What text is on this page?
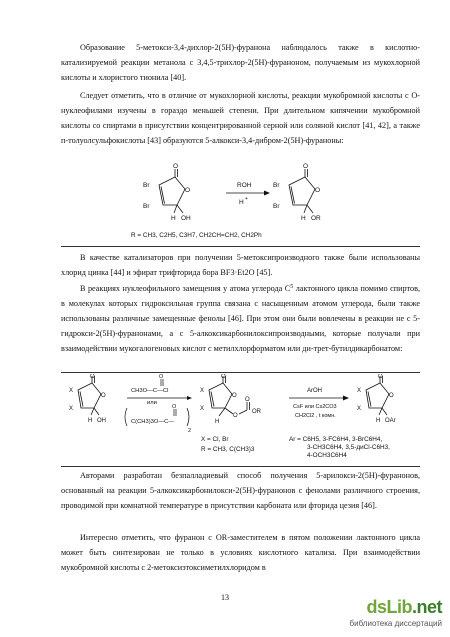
Образование 5-метокси-3,4-дихлор-2(5Н)-фуранона наблюдалось также в кислотно-катализируемой реакции метанола с 3,4,5-трихлор-2(5Н)-фураноном, получаемым из мукохлорной кислоты и хлористого тионила [40].

Следует отметить, что в отличие от мукохлорной кислоты, реакции мукобромной кислоты с О-нуклеофилами изучены в гораздо меньшей степени. При длительном кипячении мукобромной кислоты со спиртами в присутствии концентрированной серной или соляной кислот [41, 42], а также п-толуолсульфокислоты [43] образуются 5-алкокси-3,4-дибром-2(5Н)-фураноны:

Br
Br
O
O
H OH
ROH
H +
Br
Br
O
O
H OR
R = CH3, C2H5, C3H7, CH2CH=CH2, CH2Ph

В качестве катализаторов при получении 5-метоксипроизводного также были использованы хлорид цинка [44] и эфират трифторида бора BF3·Et2O [45].

В реакциях нуклеофильного замещения у атома углерода $C^5$ лактонного цикла помимо спиртов, в молекулах которых гидроксильная группа связана с насыщенным атомом углерода, были также использованы различные замещенные фенолы [46]. При этом они были вовлечены в реакции не с 5-гидрокси-2(5Н)-фуранонами, а с 5-алкоксикарбонилоксипроизводными, которые получали при взаимодействии мукогалогеновых кислот с метилхлорформатом или ди-трет-бутилдикарбонатом:

X
X
O
O
H OH
CH3O—C—Cl
O
или
O
C(CH3)3O—C—
2
X
X
O
O
H
O
O
OR
ArOH
CsF или Cs2CO3
CH2Cl2 , t комн.
X
X
O
O
H OAr
X = Cl, Br
R = CH3, C(CH3)3
Ar = C6H5, 3-FC6H4, 3-BrC6H4,
3-CH3C6H4, 3,5-диCl-C6H3,
4-OCH3C6H4

Авторами разработан безпалладиевый способ получения 5-арилокси-2(5Н)-фуранонов, основанный на реакции 5-алкоксикарбонилокси-2(5Н)-фуранонов с фенолами различного строения, проводимой при комнатной температуре в присутствии карбоната или фторида цезия [46].

Интересно отметить, что фуранон с OR-заместителем в пятом положении лактонного цикла может быть синтезирован не только в условиях кислотного катализа. При взаимодействии мукобромной кислоты с 2-метоксиэтоксиметилхлоридом в

13	dsLib.net
библиотека диссертаций
